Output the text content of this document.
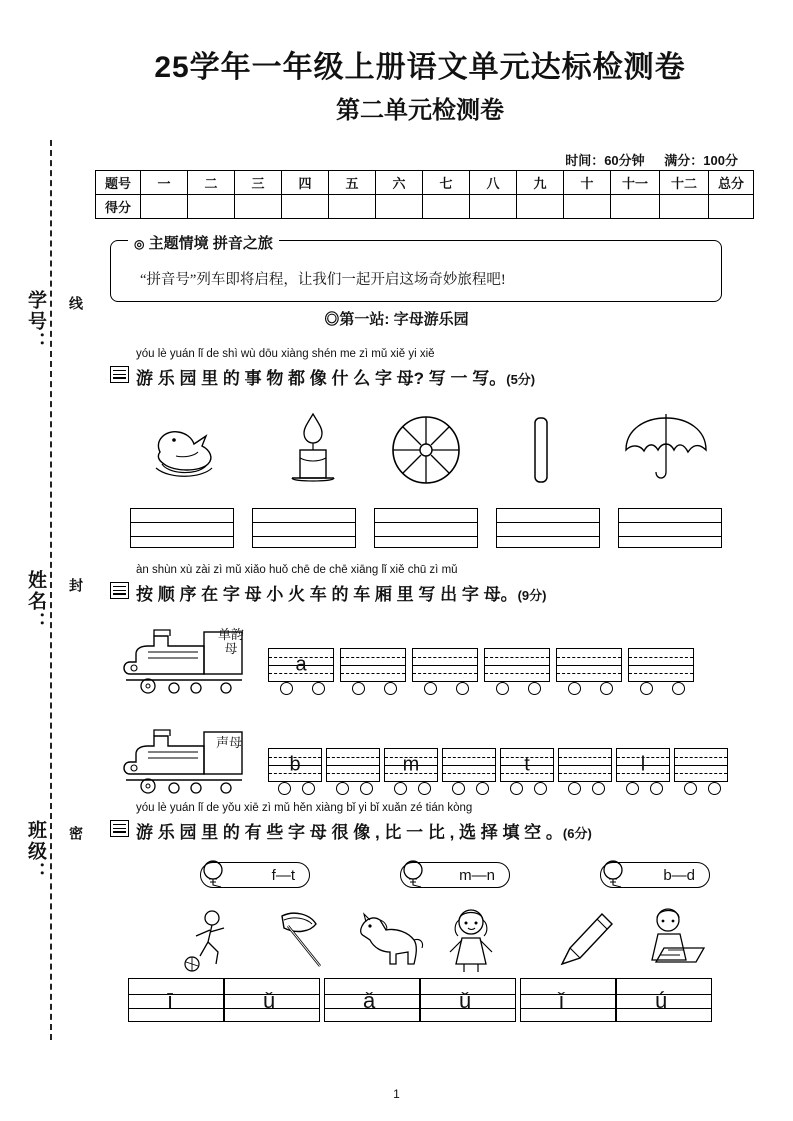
学号：
姓名：
班级：
线
封
密
25学年一年级上册语文单元达标检测卷
第二单元检测卷
时间：60分钟 满分：100分
题号	一	二	三	四	五	六	七	八	九	十	十一	十二	总分
得分													
◎ 主题情境 拼音之旅
“拼音号”列车即将启程，让我们一起开启这场奇妙旅程吧!
◎第一站: 字母游乐园
yóu lè yuán lǐ de shì wù dōu xiàng shén me zì mǔ xiě yi xiě
游 乐 园 里 的 事 物 都 像 什 么 字 母? 写 一 写。(5分)
àn shùn xù zài zì mǔ xiǎo huǒ chē de chē xiāng lǐ xiě chū zì mǔ
按 顺 序 在 字 母 小 火 车 的 车 厢 里 写 出 字 母。(9分)
单韵母
a
声母
b	m	t	l
yóu lè yuán lǐ de yǒu xiē zì mǔ hěn xiàng bǐ yi bǐ xuǎn zé tián kòng
游 乐 园 里 的 有 些 字 母 很 像 , 比 一 比 , 选 择 填 空 。(6分)
f—t	m—n	b—d
ī	ǔ	ǎ	ǔ	ǐ	ú
1
